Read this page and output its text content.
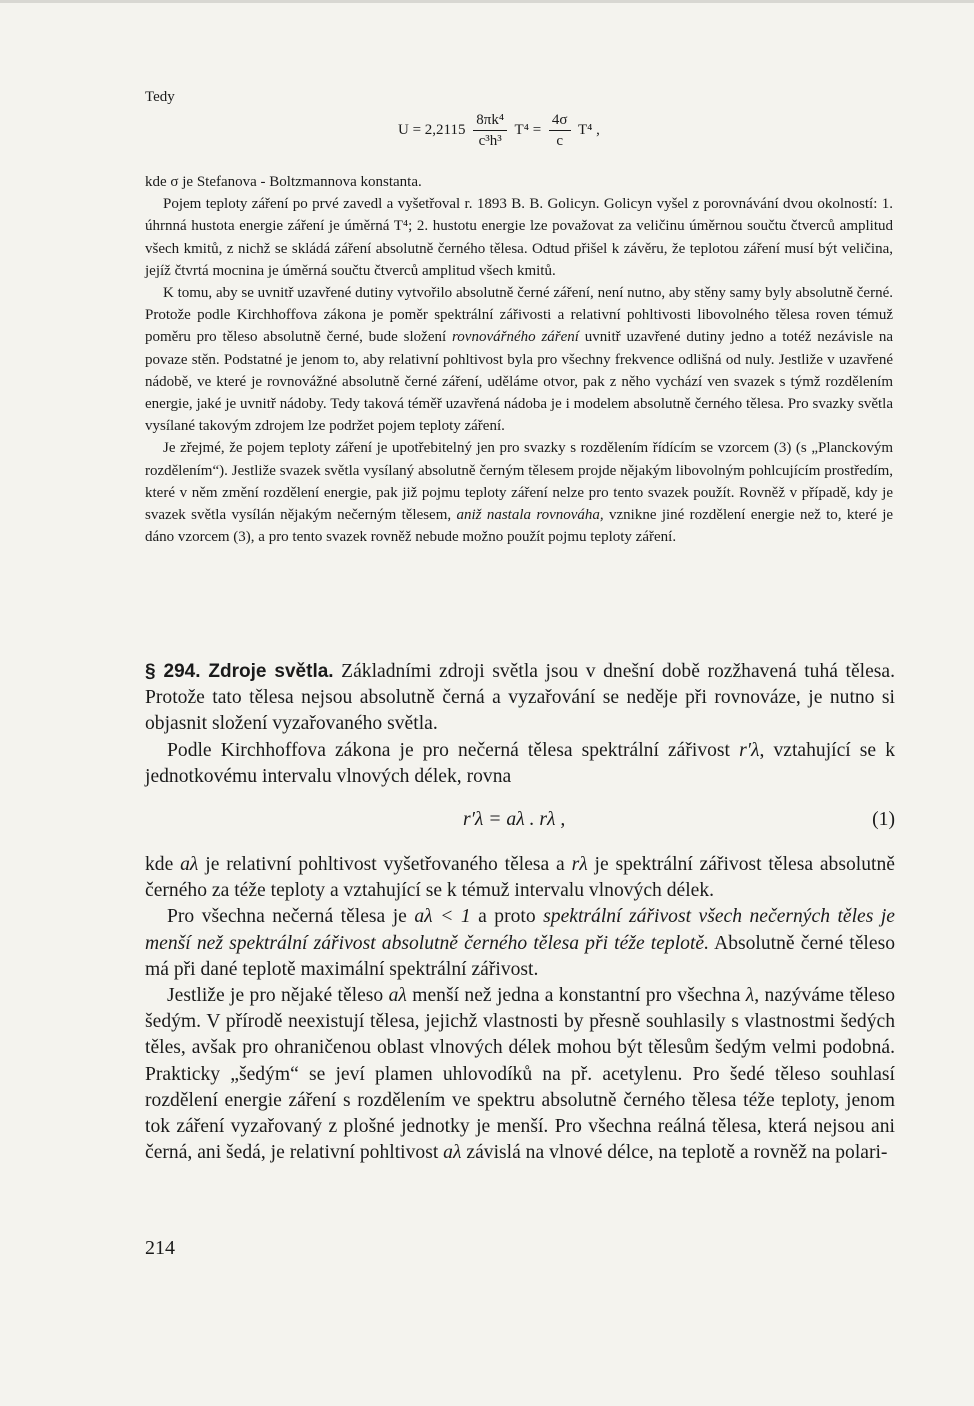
Tedy
$U = 2,2115 \frac{\text{8πk⁴}}{\text{c³h³}} T^4 = \frac{4\sigma}{c} T^4$ ,

kde σ je Stefanova - Boltzmannova konstanta.

Pojem teploty záření po prvé zavedl a vyšetřoval r. 1893 B. B. Golicyn. Golicyn vyšel z porovnávání dvou okolností: 1. úhrnná hustota energie záření je úměrná T⁴; 2. hustotu energie lze považovat za veličinu úměrnou součtu čtverců amplitud všech kmitů, z nichž se skládá záření absolutně černého tělesa. Odtud přišel k závěru, že teplotou záření musí být veličina, jejíž čtvrtá mocnina je úměrná součtu čtverců amplitud všech kmitů.

K tomu, aby se uvnitř uzavřené dutiny vytvořilo absolutně černé záření, není nutno, aby stěny samy byly absolutně černé. Protože podle Kirchhoffova zákona je poměr spektrální zářivosti a relativní pohltivosti libovolného tělesa roven témuž poměru pro těleso absolutně černé, bude složení rovnovářného záření uvnitř uzavřené dutiny jedno a totéž nezávisle na povaze stěn. Podstatné je jenom to, aby relativní pohltivost byla pro všechny frekvence odlišná od nuly. Jestliže v uzavřené nádobě, ve které je rovnovážné absolutně černé záření, uděláme otvor, pak z něho vychází ven svazek s týmž rozdělením energie, jaké je uvnitř nádoby. Tedy taková téměř uzavřená nádoba je i modelem absolutně černého tělesa. Pro svazky světla vysílané takovým zdrojem lze podržet pojem teploty záření.

Je zřejmé, že pojem teploty záření je upotřebitelný jen pro svazky s rozdělením řídícím se vzorcem (3) (s „Planckovým rozdělením“). Jestliže svazek světla vysílaný absolutně černým tělesem projde nějakým libovolným pohlcujícím prostředím, které v něm změní rozdělení energie, pak již pojmu teploty záření nelze pro tento svazek použít. Rovněž v případě, kdy je svazek světla vysílán nějakým nečerným tělesem, aniž nastala rovnováha, vznikne jiné rozdělení energie než to, které je dáno vzorcem (3), a pro tento svazek rovněž nebude možno použít pojmu teploty záření.

§ 294. Zdroje světla. Základními zdroji světla jsou v dnešní době rozžhavená tuhá tělesa. Protože tato tělesa nejsou absolutně černá a vyzařování se neděje při rovnováze, je nutno si objasnit složení vyzařovaného světla.

Podle Kirchhoffova zákona je pro nečerná tělesa spektrální zářivost r′λ, vztahující se k jednotkovému intervalu vlnových délek, rovna

r′λ = aλ . rλ ,	(1)

kde aλ je relativní pohltivost vyšetřovaného tělesa a rλ je spektrální zářivost tělesa absolutně černého za téže teploty a vztahující se k témuž intervalu vlnových délek.

Pro všechna nečerná tělesa je aλ < 1 a proto spektrální zářivost všech nečerných těles je menší než spektrální zářivost absolutně černého tělesa při téže teplotě. Absolutně černé těleso má při dané teplotě maximální spektrální zářivost.

Jestliže je pro nějaké těleso aλ menší než jedna a konstantní pro všechna λ, nazýváme těleso šedým. V přírodě neexistují tělesa, jejichž vlastnosti by přesně souhlasily s vlastnostmi šedých těles, avšak pro ohraničenou oblast vlnových délek mohou být tělesům šedým velmi podobná. Prakticky „šedým“ se jeví plamen uhlovodíků na př. acetylenu. Pro šedé těleso souhlasí rozdělení energie záření s rozdělením ve spektru absolutně černého tělesa téže teploty, jenom tok záření vyzařovaný z plošné jednotky je menší. Pro všechna reálná tělesa, která nejsou ani černá, ani šedá, je relativní pohltivost aλ závislá na vlnové délce, na teplotě a rovněž na polari-

214
